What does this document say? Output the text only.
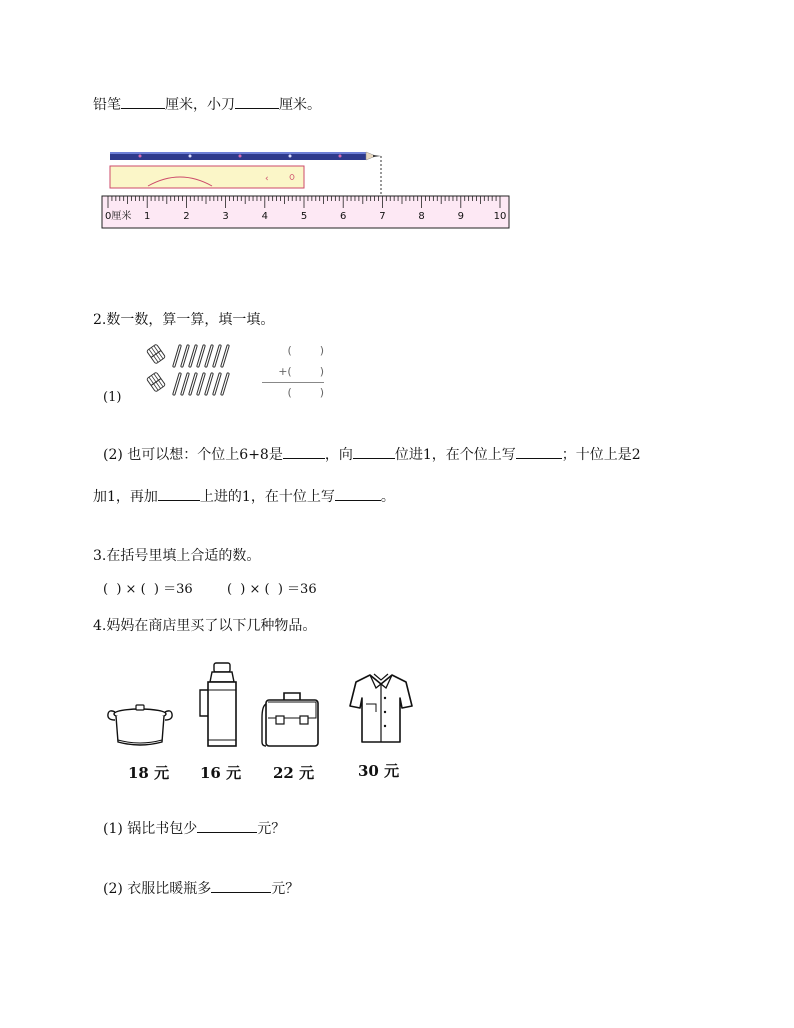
铅笔	厘米，小刀	厘米。
‹
0厘米 1	2	3	4	5	6	7	8	9	10
2.数一数，算一算，填一填。
(1)
(        )
+(        )
(        )
(2) 也可以想：个位上6+8是	，向	位进1，在个位上写	；十位上是2
加1，再加	上进的1，在十位上写	。
3.在括号里填上合适的数。
(  ) × (  ) ＝36	(  ) × (  ) ＝36
4.妈妈在商店里买了以下几种物品。
18 元 16 元 22 元	30 元
(1) 锅比书包少	元？
(2) 衣服比暖瓶多	元？
